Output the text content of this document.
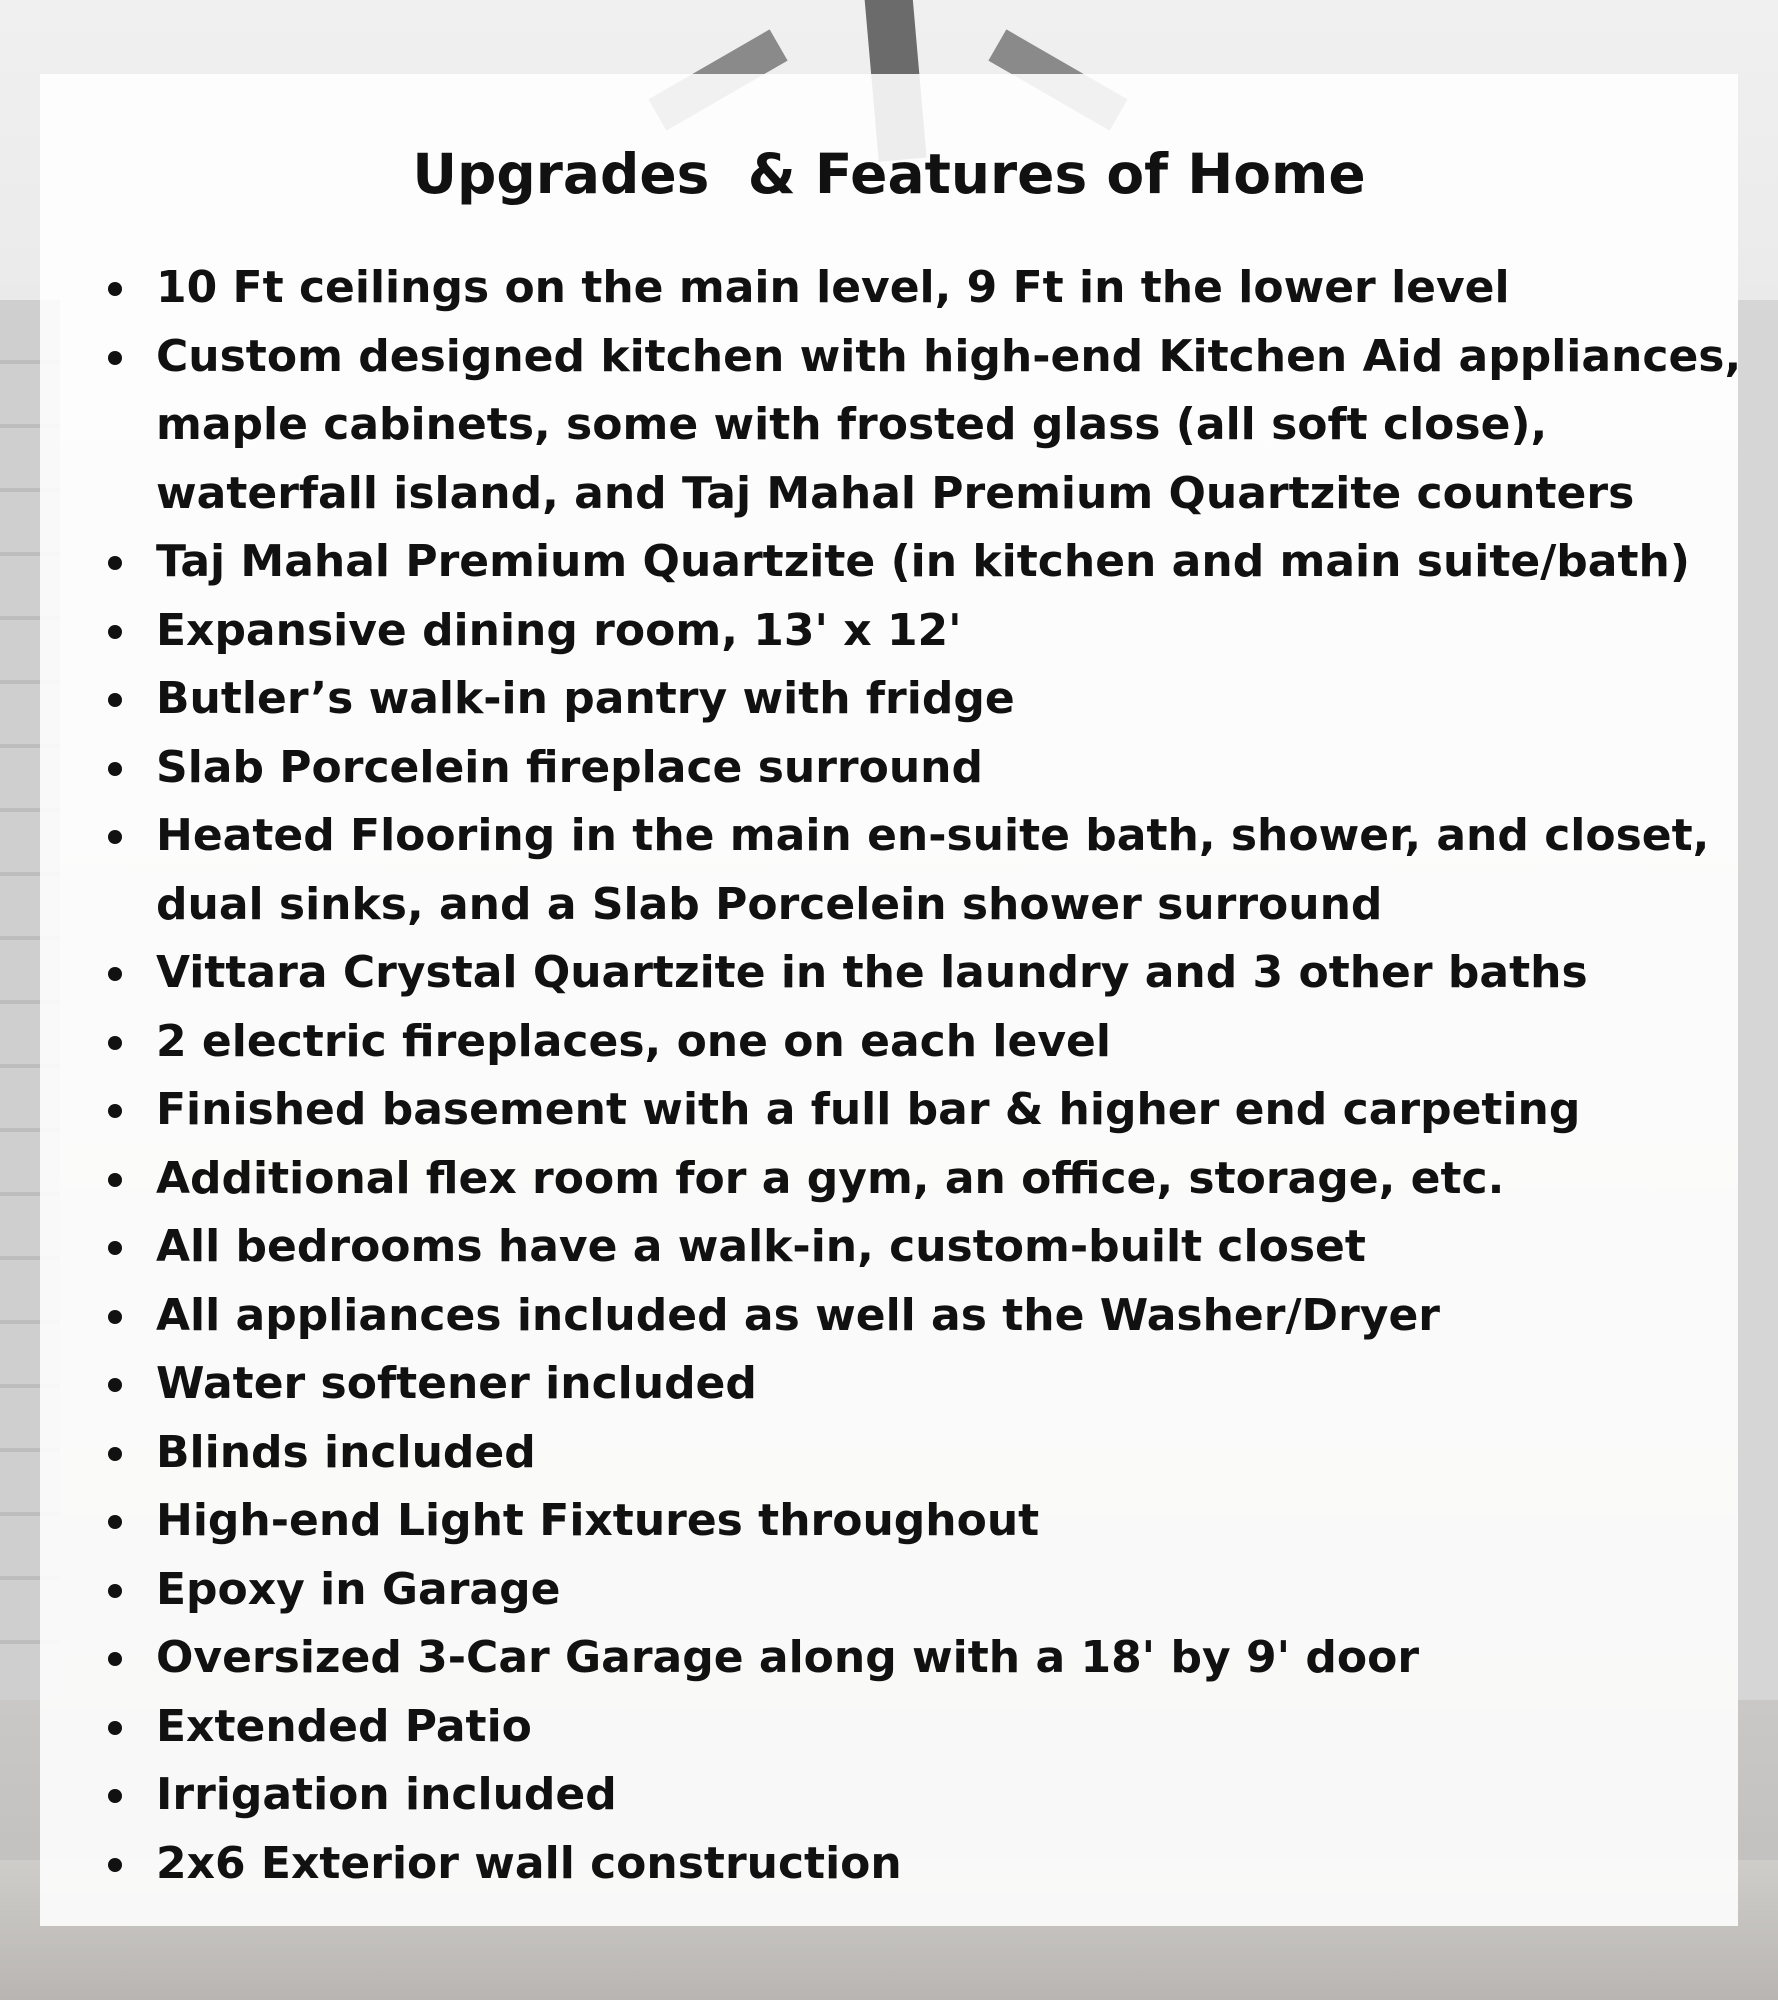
Upgrades  & Features of Home
10 Ft ceilings on the main level, 9 Ft in the lower level
Custom designed kitchen with high-end Kitchen Aid appliances,
maple cabinets, some with frosted glass (all soft close),
waterfall island, and Taj Mahal Premium Quartzite counters
Taj Mahal Premium Quartzite (in kitchen and main suite/bath)
Expansive dining room, 13' x 12'
Butler’s walk-in pantry with fridge
Slab Porcelein fireplace surround
Heated Flooring in the main en-suite bath, shower, and closet,
dual sinks, and a Slab Porcelein shower surround
Vittara Crystal Quartzite in the laundry and 3 other baths
2 electric fireplaces, one on each level
Finished basement with a full bar & higher end carpeting
Additional flex room for a gym, an office, storage, etc.
All bedrooms have a walk-in, custom-built closet
All appliances included as well as the Washer/Dryer
Water softener included
Blinds included
High-end Light Fixtures throughout
Epoxy in Garage
Oversized 3-Car Garage along with a 18' by 9' door
Extended Patio
Irrigation included
2x6 Exterior wall construction
